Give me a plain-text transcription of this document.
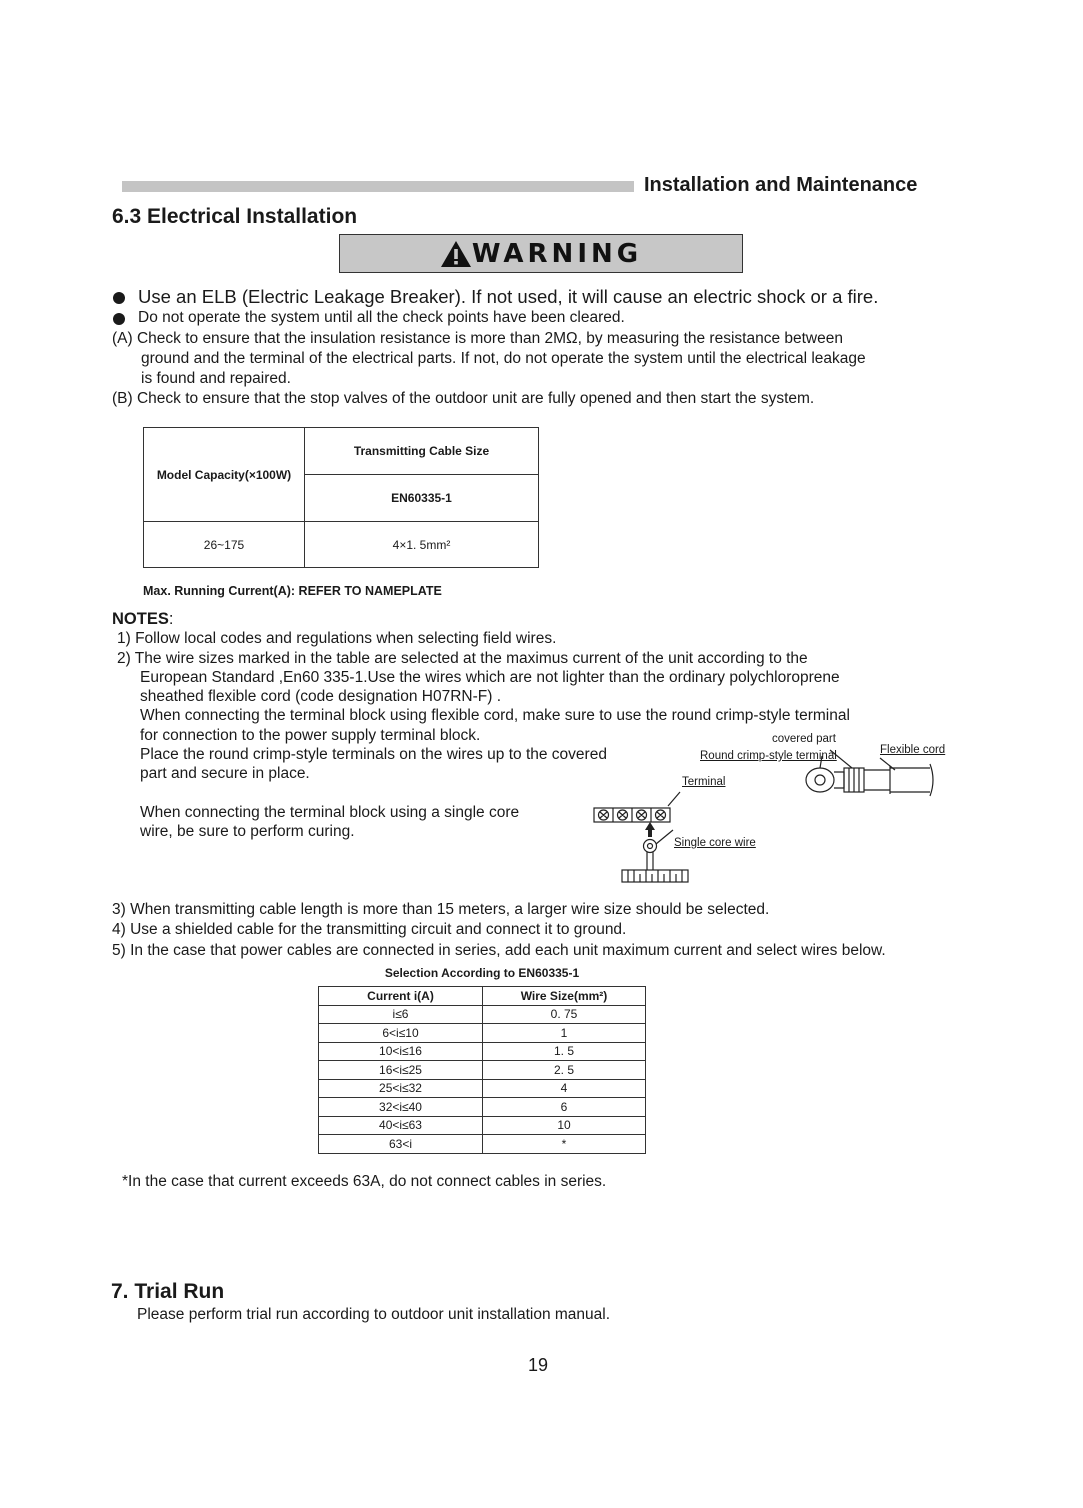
Installation and Maintenance
6.3 Electrical Installation
WARNING
Use an ELB (Electric Leakage Breaker). If not used, it will cause an electric shock or a fire.
Do not operate the system until all the check points have been cleared.
(A) Check to ensure that the insulation resistance is more than 2MΩ, by measuring the resistance between
ground and the terminal of the electrical parts. If not, do not operate the system until the electrical leakage
is found and repaired.
(B) Check to ensure that the stop valves of the outdoor unit are fully opened and then start the system.
Model Capacity(×100W)	Transmitting Cable Size
	EN60335-1
26~175	4×1. 5mm²
Max. Running Current(A): REFER TO NAMEPLATE
NOTES:
1) Follow local codes and regulations when selecting field wires.
2) The wire sizes marked in the table are selected at the maximus current of the unit according to the
European Standard ,En60 335-1.Use the wires which are not lighter than the ordinary polychloroprene
sheathed flexible cord (code designation H07RN-F) .
When connecting the terminal block using flexible cord, make sure to use the round crimp-style terminal
for connection to the power supply terminal block.
Place the round crimp-style terminals on the wires up to the covered
part and secure in place.
When connecting the terminal block using a single core
wire, be sure to perform curing.
covered part
Round crimp-style terminal	Flexible cord
Terminal
Single core wire
3) When transmitting cable length is more than 15 meters, a larger wire size should be selected.
4) Use a shielded cable for the transmitting circuit and connect it to ground.
5) In the case that power cables are connected in series, add each unit maximum current and select wires below.
Selection According to EN60335-1
Current i(A)	Wire Size(mm²)
i≤6	0. 75
6<i≤10	1
10<i≤16	1. 5
16<i≤25	2. 5
25<i≤32	4
32<i≤40	6
40<i≤63	10
63<i	*
*In the case that current exceeds 63A, do not connect cables in series.
7. Trial Run
Please perform trial run according to outdoor unit installation manual.
19
